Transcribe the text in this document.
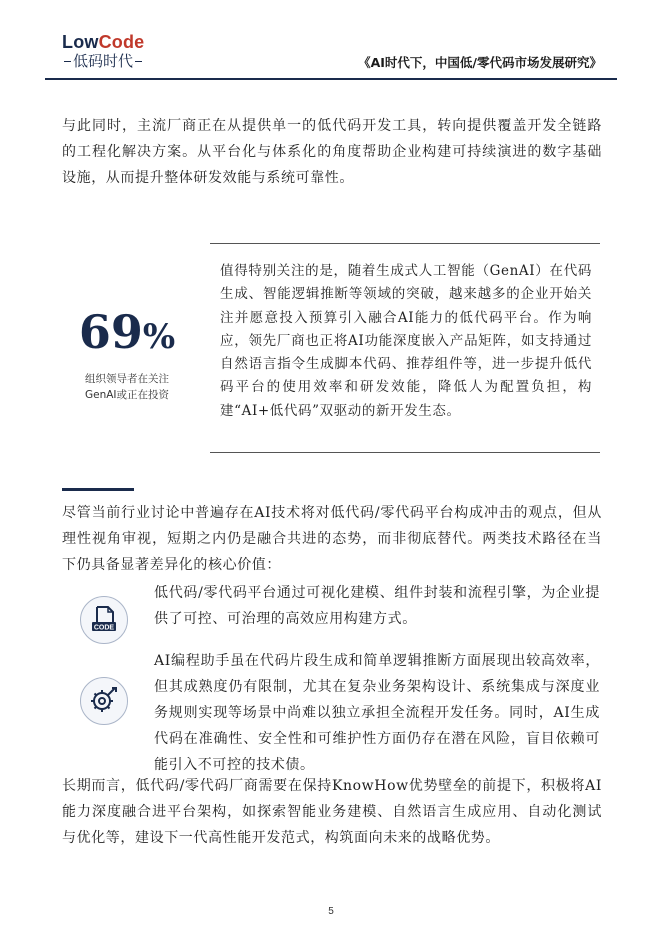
LowCode
低码时代	《AI时代下，中国低/零代码市场发展研究》

与此同时，主流厂商正在从提供单一的低代码开发工具，转向提供覆盖开发全链路的工程化解决方案。从平台化与体系化的角度帮助企业构建可持续演进的数字基础设施，从而提升整体研发效能与系统可靠性。

69%
组织领导者在关注
GenAI或正在投资

值得特别关注的是，随着生成式人工智能（GenAI）在代码生成、智能逻辑推断等领域的突破，越来越多的企业开始关注并愿意投入预算引入融合AI能力的低代码平台。作为响应，领先厂商也正将AI功能深度嵌入产品矩阵，如支持通过自然语言指令生成脚本代码、推荐组件等，进一步提升低代码平台的使用效率和研发效能，降低人为配置负担，构建“AI+低代码”双驱动的新开发生态。

尽管当前行业讨论中普遍存在AI技术将对低代码/零代码平台构成冲击的观点，但从理性视角审视，短期之内仍是融合共进的态势，而非彻底替代。两类技术路径在当下仍具备显著差异化的核心价值：

CODE

低代码/零代码平台通过可视化建模、组件封装和流程引擎，为企业提供了可控、可治理的高效应用构建方式。

AI编程助手虽在代码片段生成和简单逻辑推断方面展现出较高效率，但其成熟度仍有限制，尤其在复杂业务架构设计、系统集成与深度业务规则实现等场景中尚难以独立承担全流程开发任务。同时，AI生成代码在准确性、安全性和可维护性方面仍存在潜在风险，盲目依赖可能引入不可控的技术债。

长期而言，低代码/零代码厂商需要在保持KnowHow优势壁垒的前提下，积极将AI能力深度融合进平台架构，如探索智能业务建模、自然语言生成应用、自动化测试与优化等，建设下一代高性能开发范式，构筑面向未来的战略优势。

5
